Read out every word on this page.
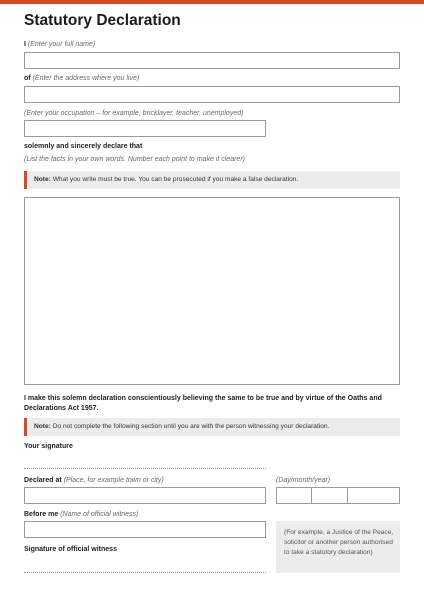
Statutory Declaration
I (Enter your full name)
of (Enter the address where you live)
(Enter your occupation – for example, bricklayer, teacher, unemployed)
solemnly and sincerely declare that
(List the facts in your own words. Number each point to make it clearer)
Note: What you write must be true. You can be prosecuted if you make a false declaration.

I make this solemn declaration conscientiously believing the same to be true and by virtue of the Oaths and Declarations Act 1957.

Note: Do not complete the following section until you are with the person witnessing your declaration.
Your signature
Declared at (Place, for example town or city)	(Day/month/year)
Before me (Name of official witness)
Signature of official witness

(For example, a Justice of the Peace, solicitor or another person authorised to take a statutory declaration)
